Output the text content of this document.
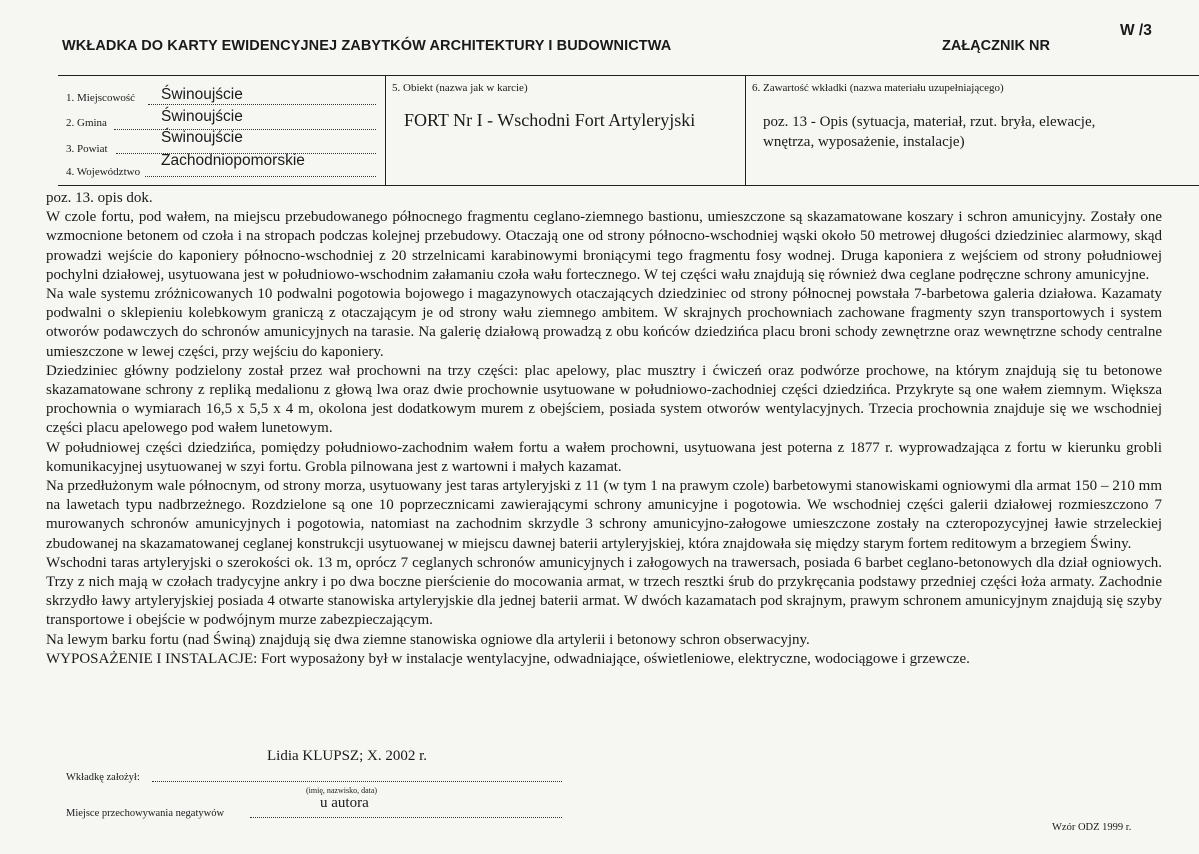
WKŁADKA DO KARTY EWIDENCYJNEJ ZABYTKÓW ARCHITEKTURY I BUDOWNICTWA	ZAŁĄCZNIK NR
W /3
1. Miejscowość Świnoujście
2. Gmina	Świnoujście
3. Powiat
Świnoujście
4. Województwo
Zachodniopomorskie
5. Obiekt (nazwa jak w karcie)
FORT Nr I - Wschodni Fort Artyleryjski
6. Zawartość wkładki (nazwa materiału uzupełniającego)
poz. 13 - Opis (sytuacja, materiał, rzut. bryła, elewacje, wnętrza, wyposażenie, instalacje)

poz. 13. opis dok.

W czole fortu, pod wałem, na miejscu przebudowanego północnego fragmentu ceglano-ziemnego bastionu, umieszczone są skazamatowane koszary i schron amunicyjny. Zostały one wzmocnione betonem od czoła i na stropach podczas kolejnej przebudowy. Otaczają one od strony północno-wschodniej wąski około 50 metrowej długości dziedziniec alarmowy, skąd prowadzi wejście do kaponiery północno-wschodniej z 20 strzelnicami karabinowymi broniącymi tego fragmentu fosy wodnej. Druga kaponiera z wejściem od strony południowej pochylni działowej, usytuowana jest w południowo-wschodnim załamaniu czoła wału fortecznego. W tej części wału znajdują się również dwa ceglane podręczne schrony amunicyjne.

Na wale systemu zróżnicowanych 10 podwalni pogotowia bojowego i magazynowych otaczających dziedziniec od strony północnej powstała 7-barbetowa galeria działowa. Kazamaty podwalni o sklepieniu kolebkowym graniczą z otaczającym je od strony wału ziemnego ambitem. W skrajnych prochowniach zachowane fragmenty szyn transportowych i system otworów podawczych do schronów amunicyjnych na tarasie. Na galerię działową prowadzą z obu końców dziedzińca placu broni schody zewnętrzne oraz wewnętrzne schody centralne umieszczone w lewej części, przy wejściu do kaponiery.

Dziedziniec główny podzielony został przez wał prochowni na trzy części: plac apelowy, plac musztry i ćwiczeń oraz podwórze prochowe, na którym znajdują się tu betonowe skazamatowane schrony z repliką medalionu z głową lwa oraz dwie prochownie usytuowane w południowo-zachodniej części dziedzińca. Przykryte są one wałem ziemnym. Większa prochownia o wymiarach 16,5 x 5,5 x 4 m, okolona jest dodatkowym murem z obejściem, posiada system otworów wentylacyjnych. Trzecia prochownia znajduje się we wschodniej części placu apelowego pod wałem lunetowym.

W południowej części dziedzińca, pomiędzy południowo-zachodnim wałem fortu a wałem prochowni, usytuowana jest poterna z 1877 r. wyprowadzająca z fortu w kierunku grobli komunikacyjnej usytuowanej w szyi fortu. Grobla pilnowana jest z wartowni i małych kazamat.

Na przedłużonym wale północnym, od strony morza, usytuowany jest taras artyleryjski z 11 (w tym 1 na prawym czole) barbetowymi stanowiskami ogniowymi dla armat 150 – 210 mm na lawetach typu nadbrzeżnego. Rozdzielone są one 10 poprzecznicami zawierającymi schrony amunicyjne i pogotowia. We wschodniej części galerii działowej rozmieszczono 7 murowanych schronów amunicyjnych i pogotowia, natomiast na zachodnim skrzydle 3 schrony amunicyjno-załogowe umieszczone zostały na czteropozycyjnej ławie strzeleckiej zbudowanej na skazamatowanej ceglanej konstrukcji usytuowanej w miejscu dawnej baterii artyleryjskiej, która znajdowała się między starym fortem reditowym a brzegiem Świny.

Wschodni taras artyleryjski o szerokości ok. 13 m, oprócz 7 ceglanych schronów amunicyjnych i załogowych na trawersach, posiada 6 barbet ceglano-betonowych dla dział ogniowych. Trzy z nich mają w czołach tradycyjne ankry i po dwa boczne pierścienie do mocowania armat, w trzech resztki śrub do przykręcania podstawy przedniej części łoża armaty. Zachodnie skrzydło ławy artyleryjskiej posiada 4 otwarte stanowiska artyleryjskie dla jednej baterii armat. W dwóch kazamatach pod skrajnym, prawym schronem amunicyjnym znajdują się szyby transportowe i obejście w podwójnym murze zabezpieczającym.

Na lewym barku fortu (nad Świną) znajdują się dwa ziemne stanowiska ogniowe dla artylerii i betonowy schron obserwacyjny.

WYPOSAŻENIE I INSTALACJE: Fort wyposażony był w instalacje wentylacyjne, odwadniające, oświetleniowe, elektryczne, wodociągowe i grzewcze.

Lidia KLUPSZ; X. 2002 r.
Wkładkę założył:
(imię, nazwisko, data)
u autora
Miejsce przechowywania negatywów
Wzór ODZ 1999 r.
